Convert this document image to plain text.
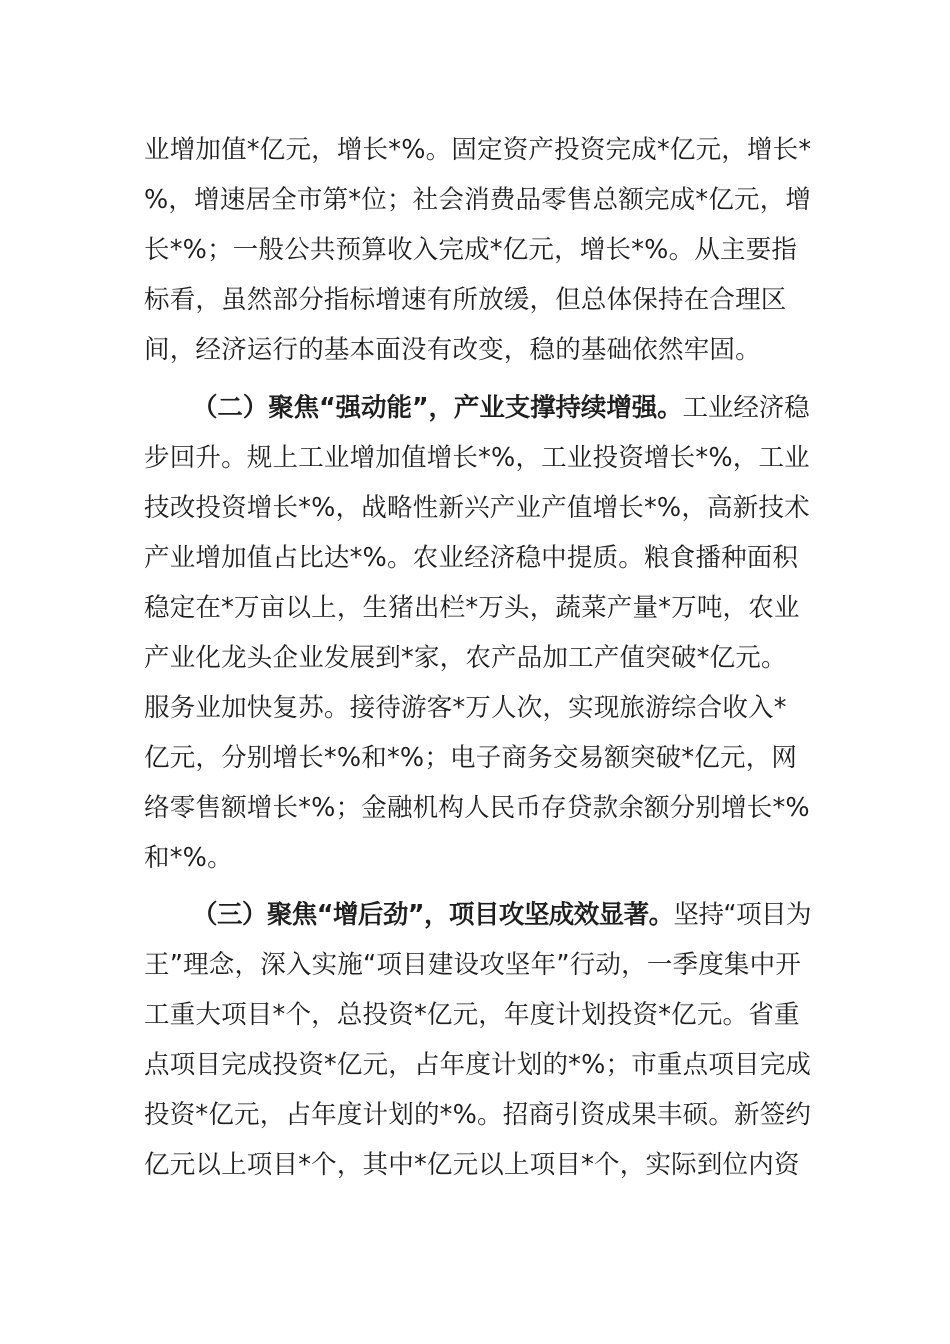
业增加值*亿元，增长*%。固定资产投资完成*亿元，增长*
%，增速居全市第*位；社会消费品零售总额完成*亿元，增
长*%；一般公共预算收入完成*亿元，增长*%。从主要指
标看，虽然部分指标增速有所放缓，但总体保持在合理区
间，经济运行的基本面没有改变，稳的基础依然牢固。
（二）聚焦“强动能”，产业支撑持续增强。工业经济稳
步回升。规上工业增加值增长*%，工业投资增长*%，工业
技改投资增长*%，战略性新兴产业产值增长*%，高新技术
产业增加值占比达*%。农业经济稳中提质。粮食播种面积
稳定在*万亩以上，生猪出栏*万头，蔬菜产量*万吨，农业
产业化龙头企业发展到*家，农产品加工产值突破*亿元。
服务业加快复苏。接待游客*万人次，实现旅游综合收入*
亿元，分别增长*%和*%；电子商务交易额突破*亿元，网
络零售额增长*%；金融机构人民币存贷款余额分别增长*%
和*%。
（三）聚焦“增后劲”，项目攻坚成效显著。坚持“项目为
王”理念，深入实施“项目建设攻坚年”行动，一季度集中开
工重大项目*个，总投资*亿元，年度计划投资*亿元。省重
点项目完成投资*亿元，占年度计划的*%；市重点项目完成
投资*亿元，占年度计划的*%。招商引资成果丰硕。新签约
亿元以上项目*个，其中*亿元以上项目*个，实际到位内资
